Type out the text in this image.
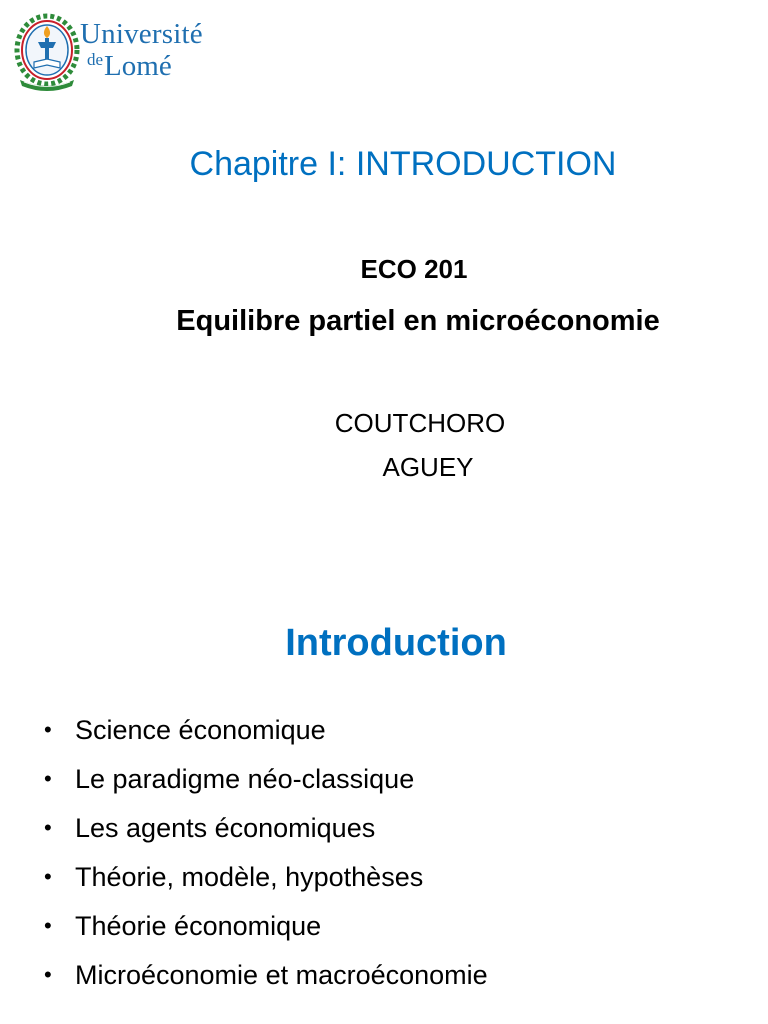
Université
deLomé
Chapitre I: INTRODUCTION
ECO 201
Equilibre partiel en microéconomie
COUTCHORO
AGUEY
Introduction
• Science économique
• Le paradigme néo-classique
• Les agents économiques
• Théorie, modèle, hypothèses
• Théorie économique
• Microéconomie et macroéconomie
